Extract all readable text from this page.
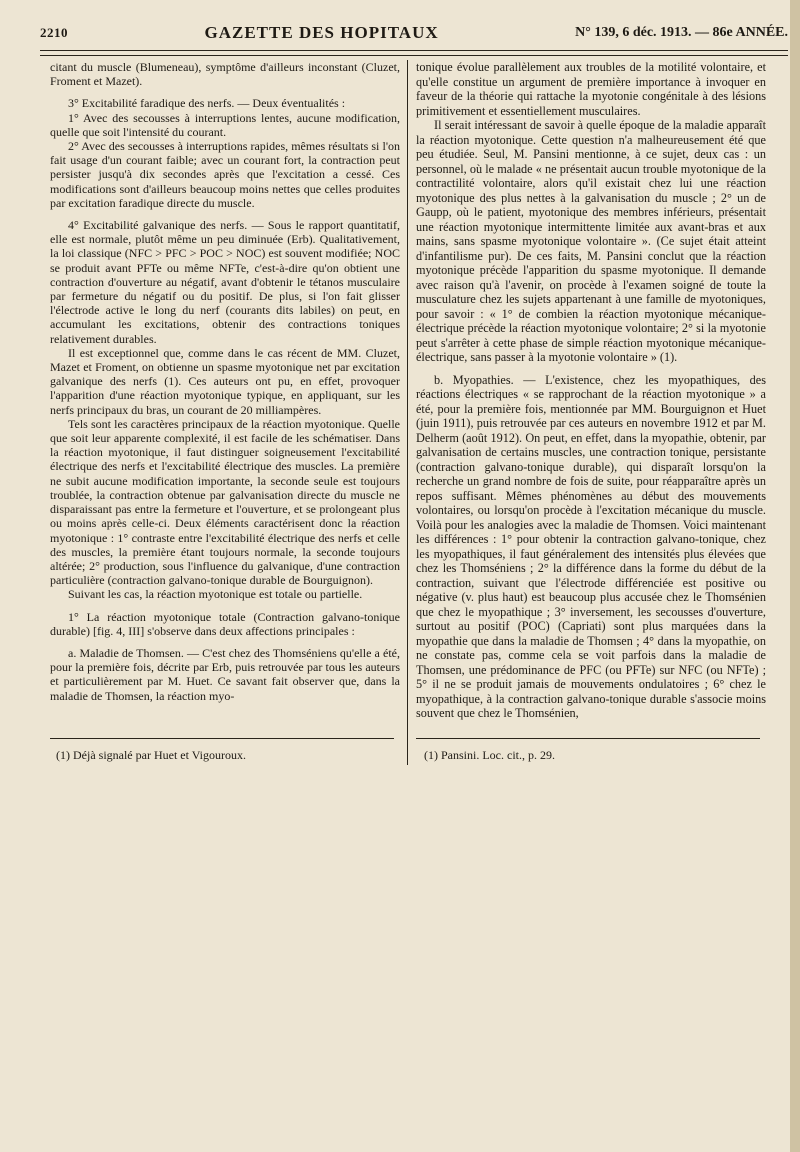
2210	GAZETTE DES HOPITAUX	N° 139, 6 déc. 1913. — 86e ANNÉE.

citant du muscle (Blumeneau), symptôme d'ailleurs inconstant (Cluzet, Froment et Mazet).

3° Excitabilité faradique des nerfs. — Deux éventualités :

1° Avec des secousses à interruptions lentes, aucune modification, quelle que soit l'intensité du courant.

2° Avec des secousses à interruptions rapides, mêmes résultats si l'on fait usage d'un courant faible; avec un courant fort, la contraction peut persister jusqu'à dix secondes après que l'excitation a cessé. Ces modifications sont d'ailleurs beaucoup moins nettes que celles produites par excitation faradique directe du muscle.

4° Excitabilité galvanique des nerfs. — Sous le rapport quantitatif, elle est normale, plutôt même un peu diminuée (Erb). Qualitativement, la loi classique (NFC > PFC > POC > NOC) est souvent modifiée; NOC se produit avant PFTe ou même NFTe, c'est-à-dire qu'on obtient une contraction d'ouverture au négatif, avant d'obtenir le tétanos musculaire par fermeture du négatif ou du positif. De plus, si l'on fait glisser l'électrode active le long du nerf (courants dits labiles) on peut, en accumulant les excitations, obtenir des contractions toniques relativement durables.

Il est exceptionnel que, comme dans le cas récent de MM. Cluzet, Mazet et Froment, on obtienne un spasme myotonique net par excitation galvanique des nerfs (1). Ces auteurs ont pu, en effet, provoquer l'apparition d'une réaction myotonique typique, en appliquant, sur les nerfs principaux du bras, un courant de 20 milliampères.

Tels sont les caractères principaux de la réaction myotonique. Quelle que soit leur apparente complexité, il est facile de les schématiser. Dans la réaction myotonique, il faut distinguer soigneusement l'excitabilité électrique des nerfs et l'excitabilité électrique des muscles. La première ne subit aucune modification importante, la seconde seule est toujours troublée, la contraction obtenue par galvanisation directe du muscle ne disparaissant pas entre la fermeture et l'ouverture, et se prolongeant plus ou moins après celle-ci. Deux éléments caractérisent donc la réaction myotonique : 1° contraste entre l'excitabilité électrique des nerfs et celle des muscles, la première étant toujours normale, la seconde toujours altérée; 2° production, sous l'influence du galvanique, d'une contraction particulière (contraction galvano-tonique durable de Bourguignon).

Suivant les cas, la réaction myotonique est totale ou partielle.

1° La réaction myotonique totale (Contraction galvano-tonique durable) [fig. 4, III] s'observe dans deux affections principales :

a. Maladie de Thomsen. — C'est chez des Thomséniens qu'elle a été, pour la première fois, décrite par Erb, puis retrouvée par tous les auteurs et particulièrement par M. Huet. Ce savant fait observer que, dans la maladie de Thomsen, la réaction myo-

tonique évolue parallèlement aux troubles de la motilité volontaire, et qu'elle constitue un argument de première importance à invoquer en faveur de la théorie qui rattache la myotonie congénitale à des lésions primitivement et essentiellement musculaires.

Il serait intéressant de savoir à quelle époque de la maladie apparaît la réaction myotonique. Cette question n'a malheureusement été que peu étudiée. Seul, M. Pansini mentionne, à ce sujet, deux cas : un personnel, où le malade « ne présentait aucun trouble myotonique de la contractilité volontaire, alors qu'il existait chez lui une réaction myotonique des plus nettes à la galvanisation du muscle ; 2° un de Gaupp, où le patient, myotonique des membres inférieurs, présentait une réaction myotonique intermittente limitée aux avant-bras et aux mains, sans spasme myotonique volontaire ». (Ce sujet était atteint d'infantilisme pur). De ces faits, M. Pansini conclut que la réaction myotonique précède l'apparition du spasme myotonique. Il demande avec raison qu'à l'avenir, on procède à l'examen soigné de toute la musculature chez les sujets appartenant à une famille de myotoniques, pour savoir : « 1° de combien la réaction myotonique mécanique-électrique précède la réaction myotonique volontaire; 2° si la myotonie peut s'arrêter à cette phase de simple réaction myotonique mécanique-électrique, sans passer à la myotonie volontaire » (1).

b. Myopathies. — L'existence, chez les myopathiques, des réactions électriques « se rapprochant de la réaction myotonique » a été, pour la première fois, mentionnée par MM. Bourguignon et Huet (juin 1911), puis retrouvée par ces auteurs en novembre 1912 et par M. Delherm (août 1912). On peut, en effet, dans la myopathie, obtenir, par galvanisation de certains muscles, une contraction tonique, persistante (contraction galvano-tonique durable), qui disparaît lorsqu'on la recherche un grand nombre de fois de suite, pour réapparaître après un repos suffisant. Mêmes phénomènes au début des mouvements volontaires, ou lorsqu'on procède à l'excitation mécanique du muscle. Voilà pour les analogies avec la maladie de Thomsen. Voici maintenant les différences : 1° pour obtenir la contraction galvano-tonique, chez les myopathiques, il faut généralement des intensités plus élevées que chez les Thomséniens ; 2° la différence dans la forme du début de la contraction, suivant que l'électrode différenciée est positive ou négative (v. plus haut) est beaucoup plus accusée chez le Thomsénien que chez le myopathique ; 3° inversement, les secousses d'ouverture, surtout au positif (POC) (Capriati) sont plus marquées dans la myopathie que dans la maladie de Thomsen ; 4° dans la myopathie, on ne constate pas, comme cela se voit parfois dans la maladie de Thomsen, une prédominance de PFC (ou PFTe) sur NFC (ou NFTe) ; 5° il ne se produit jamais de mouvements ondulatoires ; 6° chez le myopathique, à la contraction galvano-tonique durable s'associe moins souvent que chez le Thomsénien,

(1) Déjà signalé par Huet et Vigouroux.	(1) Pansini. Loc. cit., p. 29.
